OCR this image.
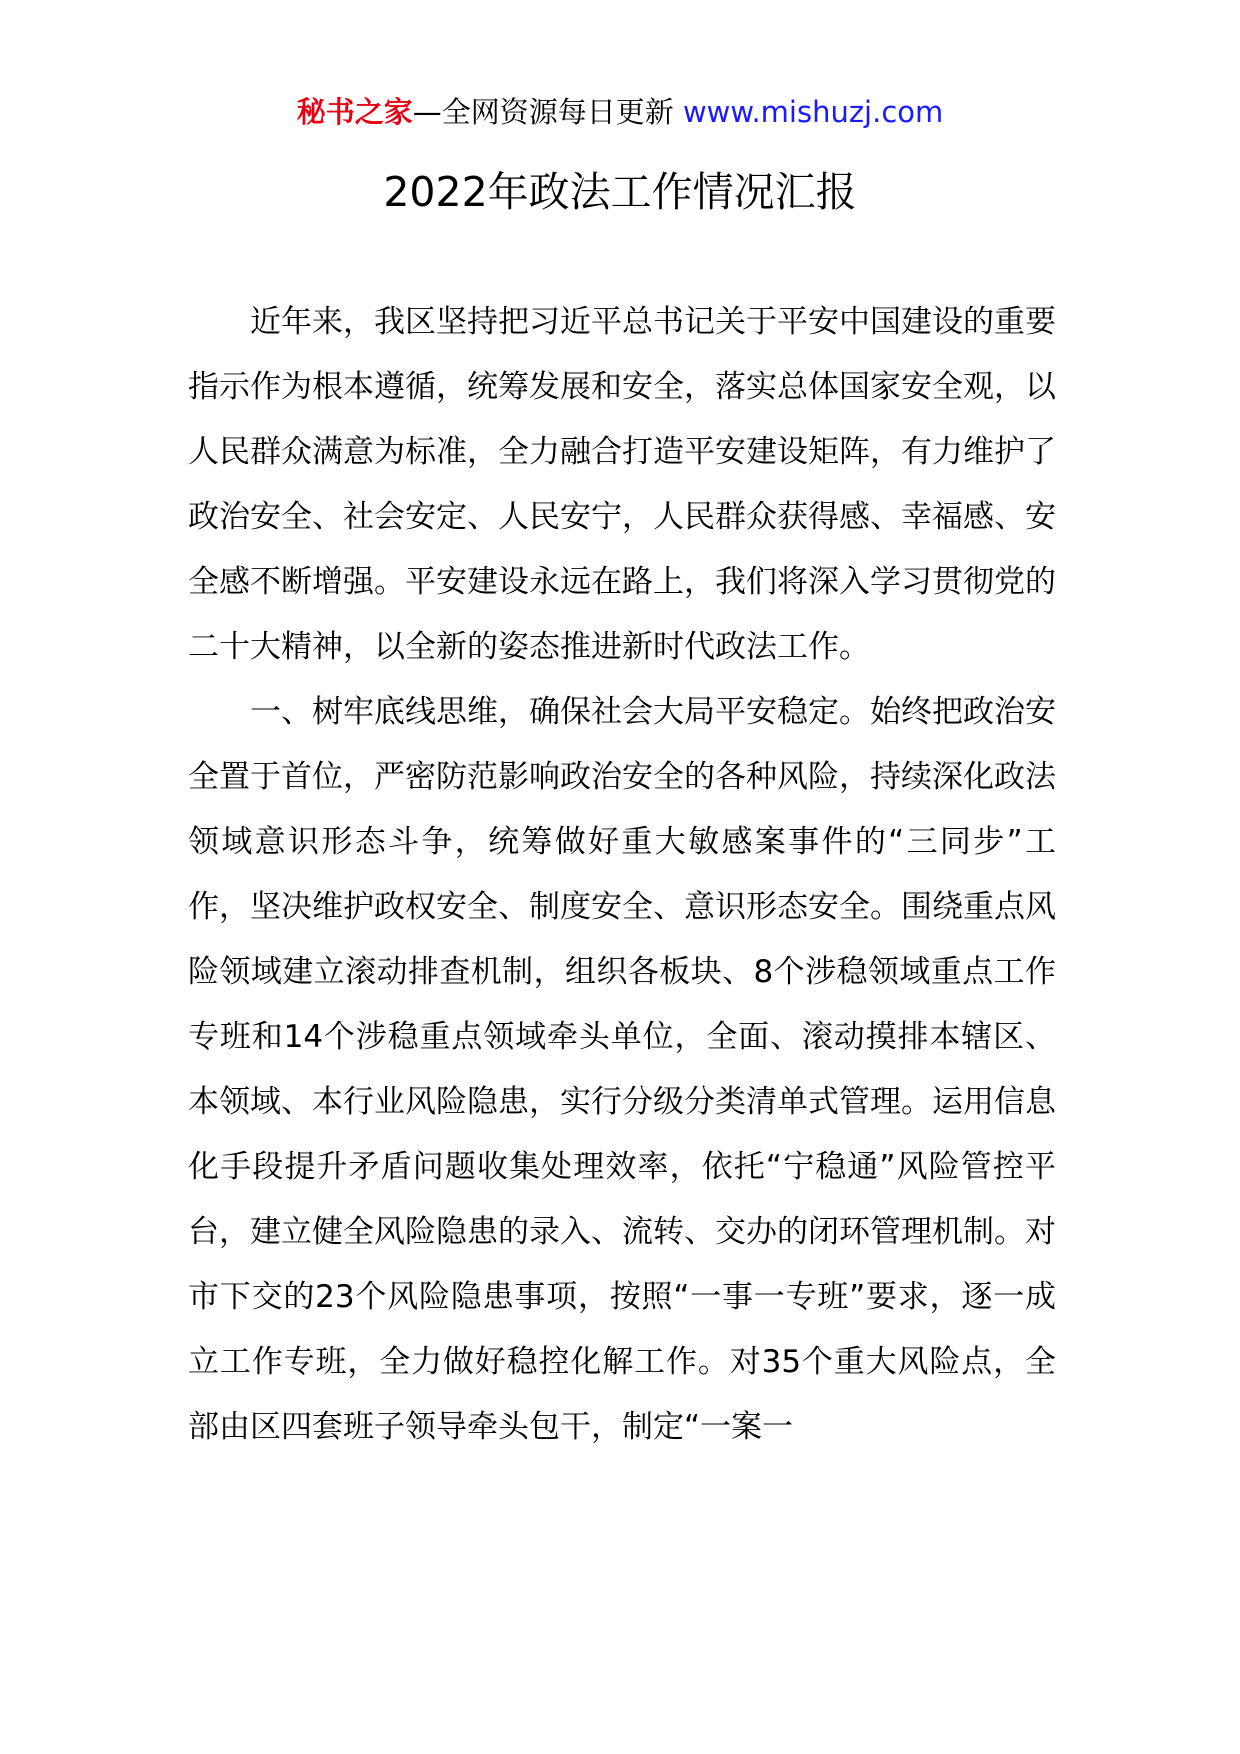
秘书之家—全网资源每日更新 www.mishuzj.com
2022年政法工作情况汇报

近年来，我区坚持把习近平总书记关于平安中国建设的重要指示作为根本遵循，统筹发展和安全，落实总体国家安全观，以人民群众满意为标准，全力融合打造平安建设矩阵，有力维护了政治安全、社会安定、人民安宁，人民群众获得感、幸福感、安全感不断增强。平安建设永远在路上，我们将深入学习贯彻党的二十大精神，以全新的姿态推进新时代政法工作。

一、树牢底线思维，确保社会大局平安稳定。始终把政治安全置于首位，严密防范影响政治安全的各种风险，持续深化政法领域意识形态斗争，统筹做好重大敏感案事件的“三同步”工作，坚决维护政权安全、制度安全、意识形态安全。围绕重点风险领域建立滚动排查机制，组织各板块、8个涉稳领域重点工作专班和14个涉稳重点领域牵头单位，全面、滚动摸排本辖区、本领域、本行业风险隐患，实行分级分类清单式管理。运用信息化手段提升矛盾问题收集处理效率，依托“宁稳通”风险管控平台，建立健全风险隐患的录入、流转、交办的闭环管理机制。对市下交的23个风险隐患事项，按照“一事一专班”要求，逐一成立工作专班，全力做好稳控化解工作。对35个重大风险点，全部由区四套班子领导牵头包干，制定“一案一
